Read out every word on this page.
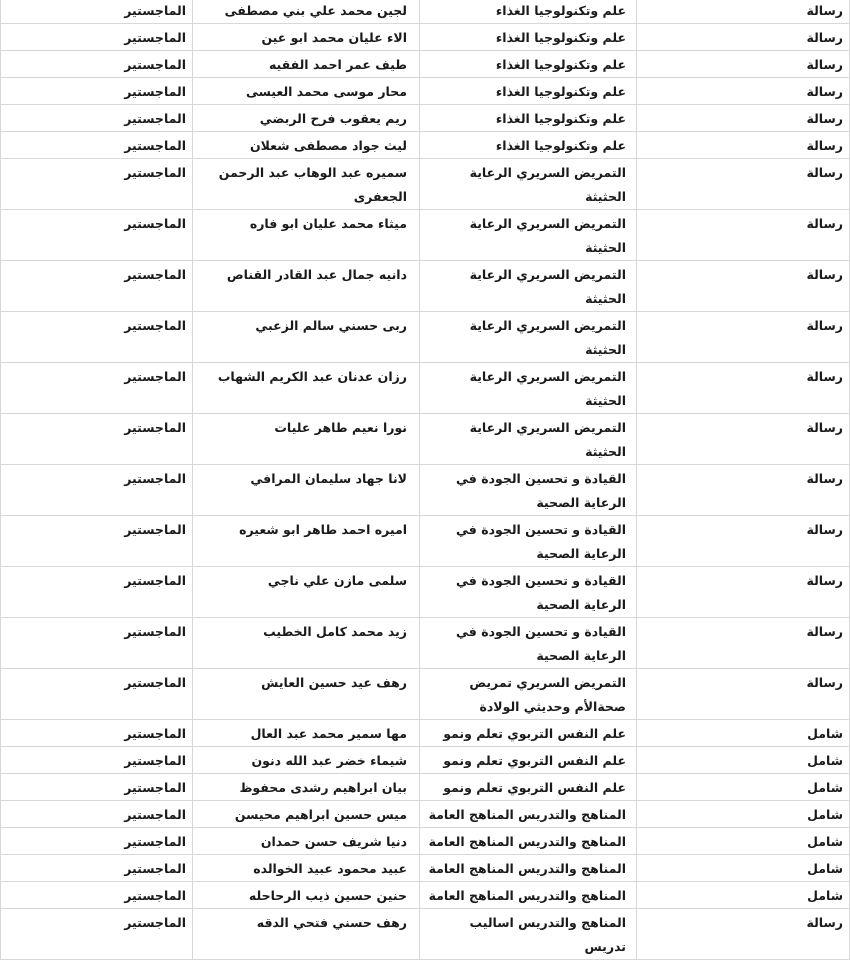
رسالة	علم وتكنولوجيا الغذاء	لجين محمد علي بني مصطفى	الماجستير
رسالة	علم وتكنولوجيا الغذاء	الاء عليان محمد ابو عين	الماجستير
رسالة	علم وتكنولوجيا الغذاء	طيف عمر احمد الفقيه	الماجستير
رسالة	علم وتكنولوجيا الغذاء	محار موسى محمد العيسى	الماجستير
رسالة	علم وتكنولوجيا الغذاء	ريم يعقوب فرح الربضي	الماجستير
رسالة	علم وتكنولوجيا الغذاء	ليث جواد مصطفى شعلان	الماجستير
رسالة	التمريض السريري الرعاية الحثيثة	سميره عبد الوهاب عبد الرحمن الجعفرى	الماجستير
رسالة	التمريض السريري الرعاية الحثيثة	ميثاء محمد عليان ابو فاره	الماجستير
رسالة	التمريض السريري الرعاية الحثيثة	دانيه جمال عبد القادر القناص	الماجستير
رسالة	التمريض السريري الرعاية الحثيثة	ربى حسني سالم الزعبي	الماجستير
رسالة	التمريض السريري الرعاية الحثيثة	رزان عدنان عبد الكريم الشهاب	الماجستير
رسالة	التمريض السريري الرعاية الحثيثة	نورا نعيم طاهر عليات	الماجستير
رسالة	القيادة و تحسين الجودة في الرعاية الصحية	لانا جهاد سليمان المرافي	الماجستير
رسالة	القيادة و تحسين الجودة في الرعاية الصحية	اميره احمد طاهر ابو شعيره	الماجستير
رسالة	القيادة و تحسين الجودة في الرعاية الصحية	سلمى مازن علي ناجي	الماجستير
رسالة	القيادة و تحسين الجودة في الرعاية الصحية	زيد محمد كامل الخطيب	الماجستير
رسالة	التمريض السريري تمريض صحةالأم وحديثي الولادة	رهف عيد حسين العايش	الماجستير
شامل	علم النفس التربوي تعلم ونمو	مها سمير محمد عبد العال	الماجستير
شامل	علم النفس التربوي تعلم ونمو	شيماء خضر عبد الله دنون	الماجستير
شامل	علم النفس التربوي تعلم ونمو	بيان ابراهيم رشدى محفوظ	الماجستير
شامل	المناهج والتدريس المناهج العامة	ميس حسين ابراهيم محيسن	الماجستير
شامل	المناهج والتدريس المناهج العامة	دنيا شريف حسن حمدان	الماجستير
شامل	المناهج والتدريس المناهج العامة	عبيد محمود عبيد الخوالده	الماجستير
شامل	المناهج والتدريس المناهج العامة	حنين حسين ذيب الرحاحله	الماجستير
رسالة	المناهج والتدريس اساليب تدريس	رهف حسني فتحي الدقه	الماجستير
